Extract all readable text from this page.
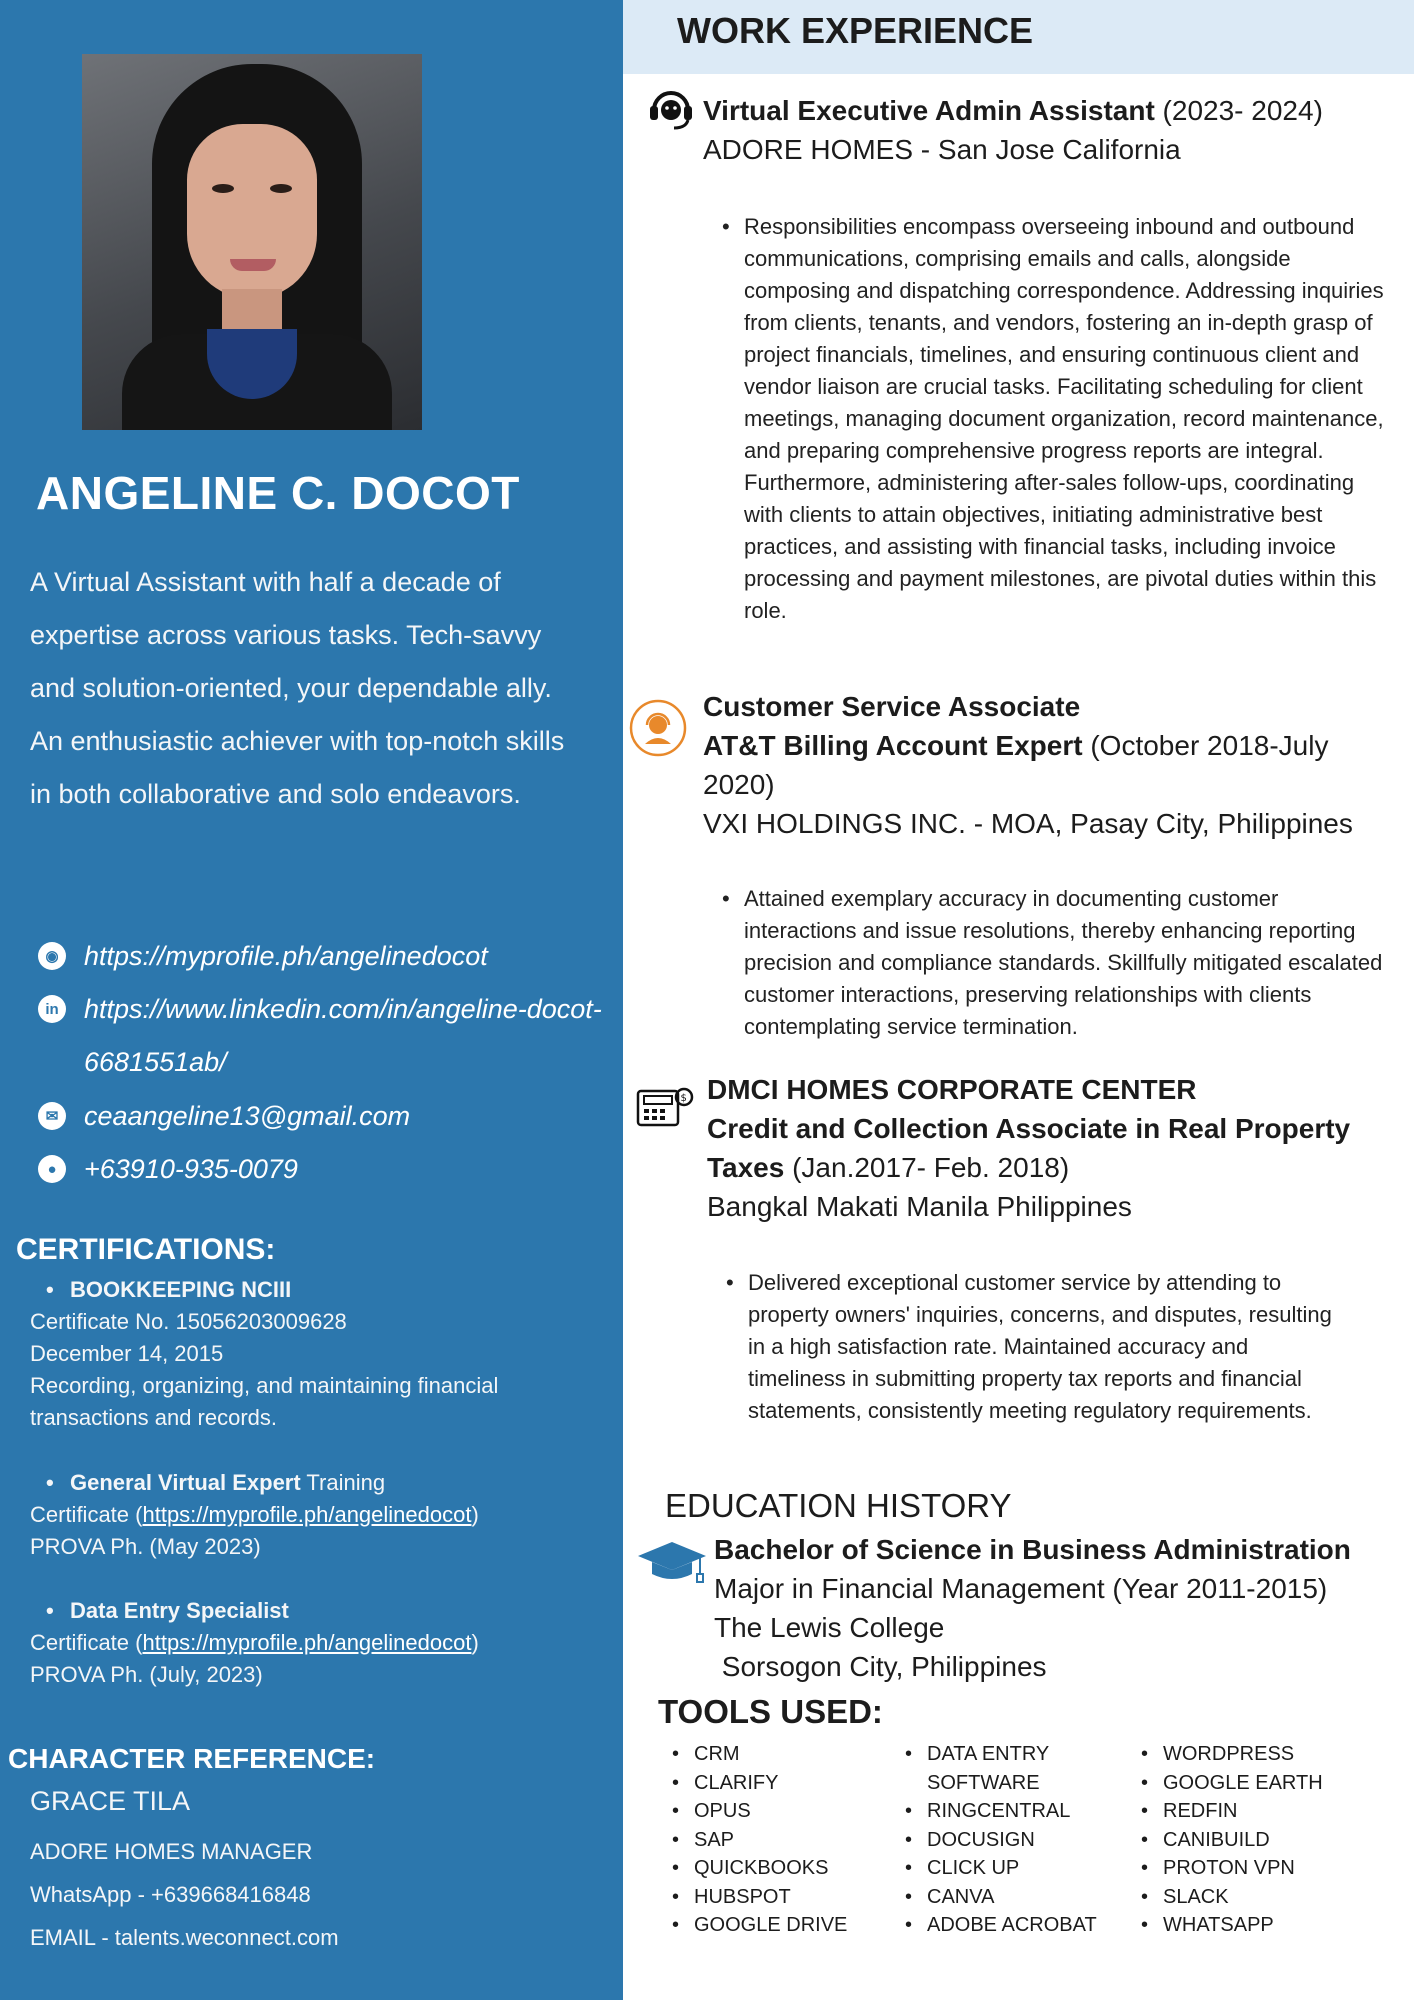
ANGELINE C. DOCOT
A Virtual Assistant with half a decade of expertise across various tasks. Tech-savvy and solution-oriented, your dependable ally. An enthusiastic achiever with top-notch skills in both collaborative and solo endeavors.
◉ https://myprofile.ph/angelinedocot
in https://www.linkedin.com/in/angeline-docot-6681551ab/
✉ ceaangeline13@gmail.com
●	+63910-935-0079
CERTIFICATIONS:
• BOOKKEEPING NCIII
Certificate No. 15056203009628
December 14, 2015
Recording, organizing, and maintaining financial transactions and records.
• General Virtual Expert Training
Certificate (https://myprofile.ph/angelinedocot)
PROVA Ph. (May 2023)
• Data Entry Specialist
Certificate (https://myprofile.ph/angelinedocot)
PROVA Ph. (July, 2023)
CHARACTER REFERENCE:
GRACE TILA
ADORE HOMES MANAGER
WhatsApp - +639668416848
EMAIL - talents.weconnect.com
WORK EXPERIENCE
Virtual Executive Admin Assistant (2023- 2024)
ADORE HOMES - San Jose California
• Responsibilities encompass overseeing inbound and outbound communications, comprising emails and calls, alongside composing and dispatching correspondence. Addressing inquiries from clients, tenants, and vendors, fostering an in-depth grasp of project financials, timelines, and ensuring continuous client and vendor liaison are crucial tasks. Facilitating scheduling for client meetings, managing document organization, record maintenance, and preparing comprehensive progress reports are integral. Furthermore, administering after-sales follow-ups, coordinating with clients to attain objectives, initiating administrative best practices, and assisting with financial tasks, including invoice processing and payment milestones, are pivotal duties within this role.
Customer Service Associate
AT&T Billing Account Expert (October 2018-July 2020)
VXI HOLDINGS INC. - MOA, Pasay City, Philippines
• Attained exemplary accuracy in documenting customer interactions and issue resolutions, thereby enhancing reporting precision and compliance standards. Skillfully mitigated escalated customer interactions, preserving relationships with clients contemplating service termination.
$ DMCI HOMES CORPORATE CENTER
Credit and Collection Associate in Real Property Taxes (Jan.2017- Feb. 2018)
Bangkal Makati Manila Philippines
• Delivered exceptional customer service by attending to property owners' inquiries, concerns, and disputes, resulting in a high satisfaction rate. Maintained accuracy and timeliness in submitting property tax reports and financial statements, consistently meeting regulatory requirements.
EDUCATION HISTORY
Bachelor of Science in Business Administration
Major in Financial Management (Year 2011-2015)
The Lewis College
Sorsogon City, Philippines
TOOLS USED:
• CRM
• CLARIFY
• OPUS
• SAP
• QUICKBOOKS
• HUBSPOT
• GOOGLE DRIVE
• DATA ENTRY SOFTWARE
• RINGCENTRAL
• DOCUSIGN
• CLICK UP
• CANVA
• ADOBE ACROBAT
• WORDPRESS
• GOOGLE EARTH
• REDFIN
• CANIBUILD
• PROTON VPN
• SLACK
• WHATSAPP
